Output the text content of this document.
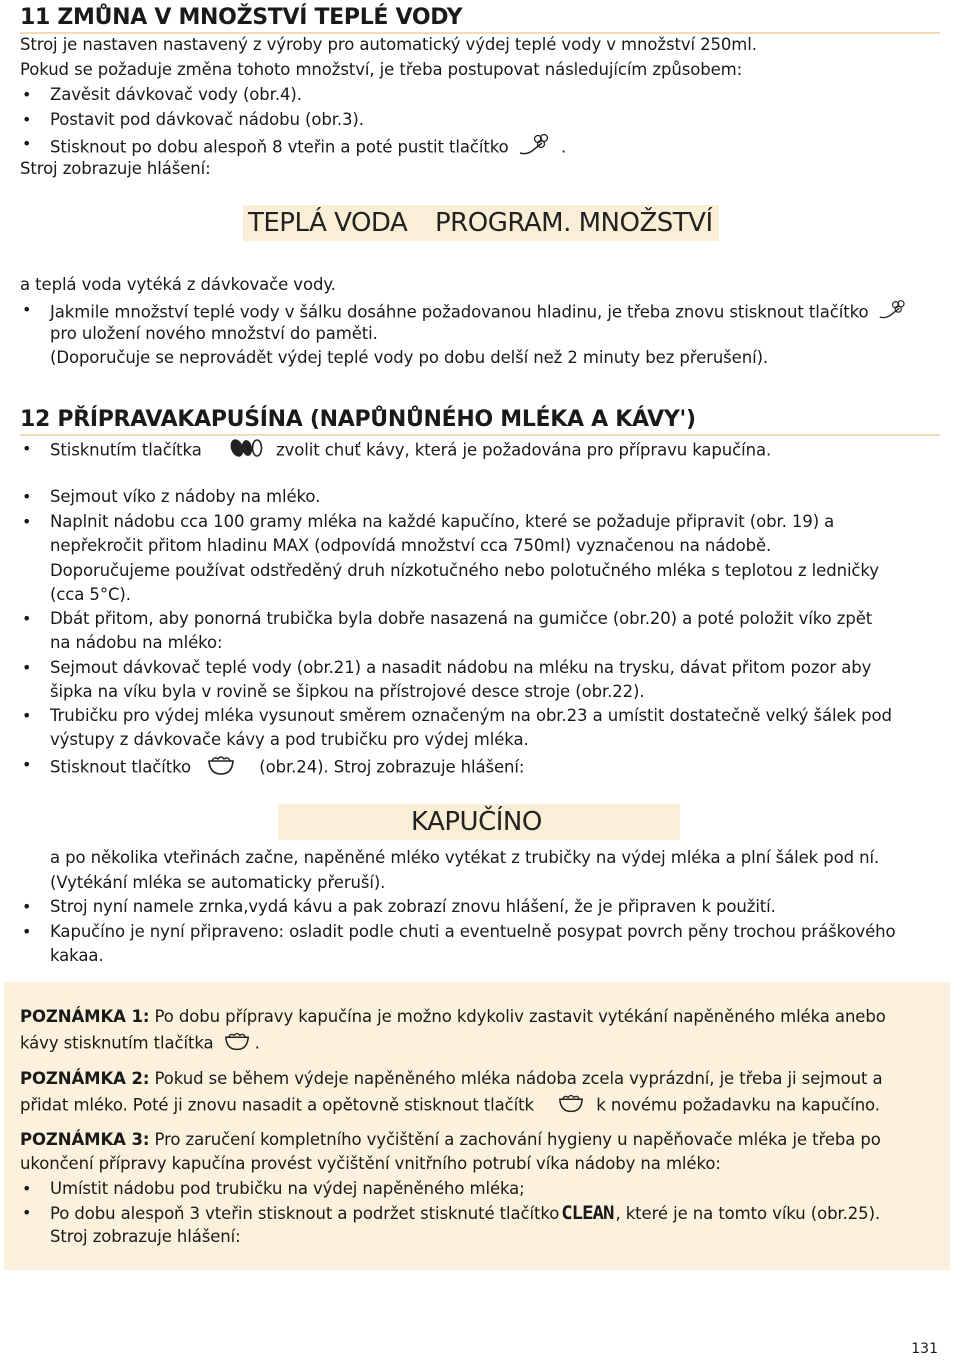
11 ZMŮNA V MNOŽSTVÍ TEPLÉ VODY
Stroj je nastaven nastavený z výroby pro automatický výdej teplé vody v množství 250ml.
Pokud se požaduje změna tohoto množství, je třeba postupovat následujícím způsobem:
• Zavěsit dávkovač vody (obr.4).
• Postavit pod dávkovač nádobu (obr.3).
• Stisknout po dobu alespoň 8 vteřin a poté pustit tlačítko	.
Stroj zobrazuje hlášení:
TEPLÁ VODA PROGRAM. MNOŽSTVÍ
a teplá voda vytéká z dávkovače vody.
• Jakmile množství teplé vody v šálku dosáhne požadovanou hladinu, je třeba znovu stisknout tlačítko
pro uložení nového množství do paměti.
(Doporučuje se neprovádět výdej teplé vody po dobu delší než 2 minuty bez přerušení).
12 PŘÍPRAVAKAPUŚÍNA (NAPŮNŮNÉHO MLÉKA A KÁVY')
• Stisknutím tlačítka	zvolit chuť kávy, která je požadována pro přípravu kapučína.
• Sejmout víko z nádoby na mléko.
• Naplnit nádobu cca 100 gramy mléka na každé kapučíno, které se požaduje připravit (obr. 19) a
nepřekročit přitom hladinu MAX (odpovídá množství cca 750ml) vyznačenou na nádobě.
Doporučujeme používat odstředěný druh nízkotučného nebo polotučného mléka s teplotou z ledničky
(cca 5°C).
• Dbát přitom, aby ponorná trubička byla dobře nasazená na gumičce (obr.20) a poté položit víko zpět
na nádobu na mléko:
• Sejmout dávkovač teplé vody (obr.21) a nasadit nádobu na mléku na trysku, dávat přitom pozor aby
šipka na víku byla v rovině se šipkou na přístrojové desce stroje (obr.22).
• Trubičku pro výdej mléka vysunout směrem označeným na obr.23 a umístit dostatečně velký šálek pod
výstupy z dávkovače kávy a pod trubičku pro výdej mléka.
• Stisknout tlačítko	(obr.24). Stroj zobrazuje hlášení:
KAPUČÍNO
a po několika vteřinách začne, napěněné mléko vytékat z trubičky na výdej mléka a plní šálek pod ní.
(Vytékání mléka se automaticky přeruší).
• Stroj nyní namele zrnka,vydá kávu a pak zobrazí znovu hlášení, že je připraven k použití.
• Kapučíno je nyní připraveno: osladit podle chuti a eventuelně posypat povrch pěny trochou práškového
kakaa.
POZNÁMKA 1: Po dobu přípravy kapučína je možno kdykoliv zastavit vytékání napěněného mléka anebo
kávy stisknutím tlačítka .
POZNÁMKA 2: Pokud se během výdeje napěněného mléka nádoba zcela vyprázdní, je třeba ji sejmout a
přidat mléko. Poté ji znovu nasadit a opětovně stisknout tlačítk	k novému požadavku na kapučíno.
POZNÁMKA 3: Pro zaručení kompletního vyčištění a zachování hygieny u napěňovače mléka je třeba po
ukončení přípravy kapučína provést vyčištění vnitřního potrubí víka nádoby na mléko:
• Umístit nádobu pod trubičku na výdej napěněného mléka;
• Po dobu alespoň 3 vteřin stisknout a podržet stisknuté tlačítko CLEAN , které je na tomto víku (obr.25).
Stroj zobrazuje hlášení:
131
